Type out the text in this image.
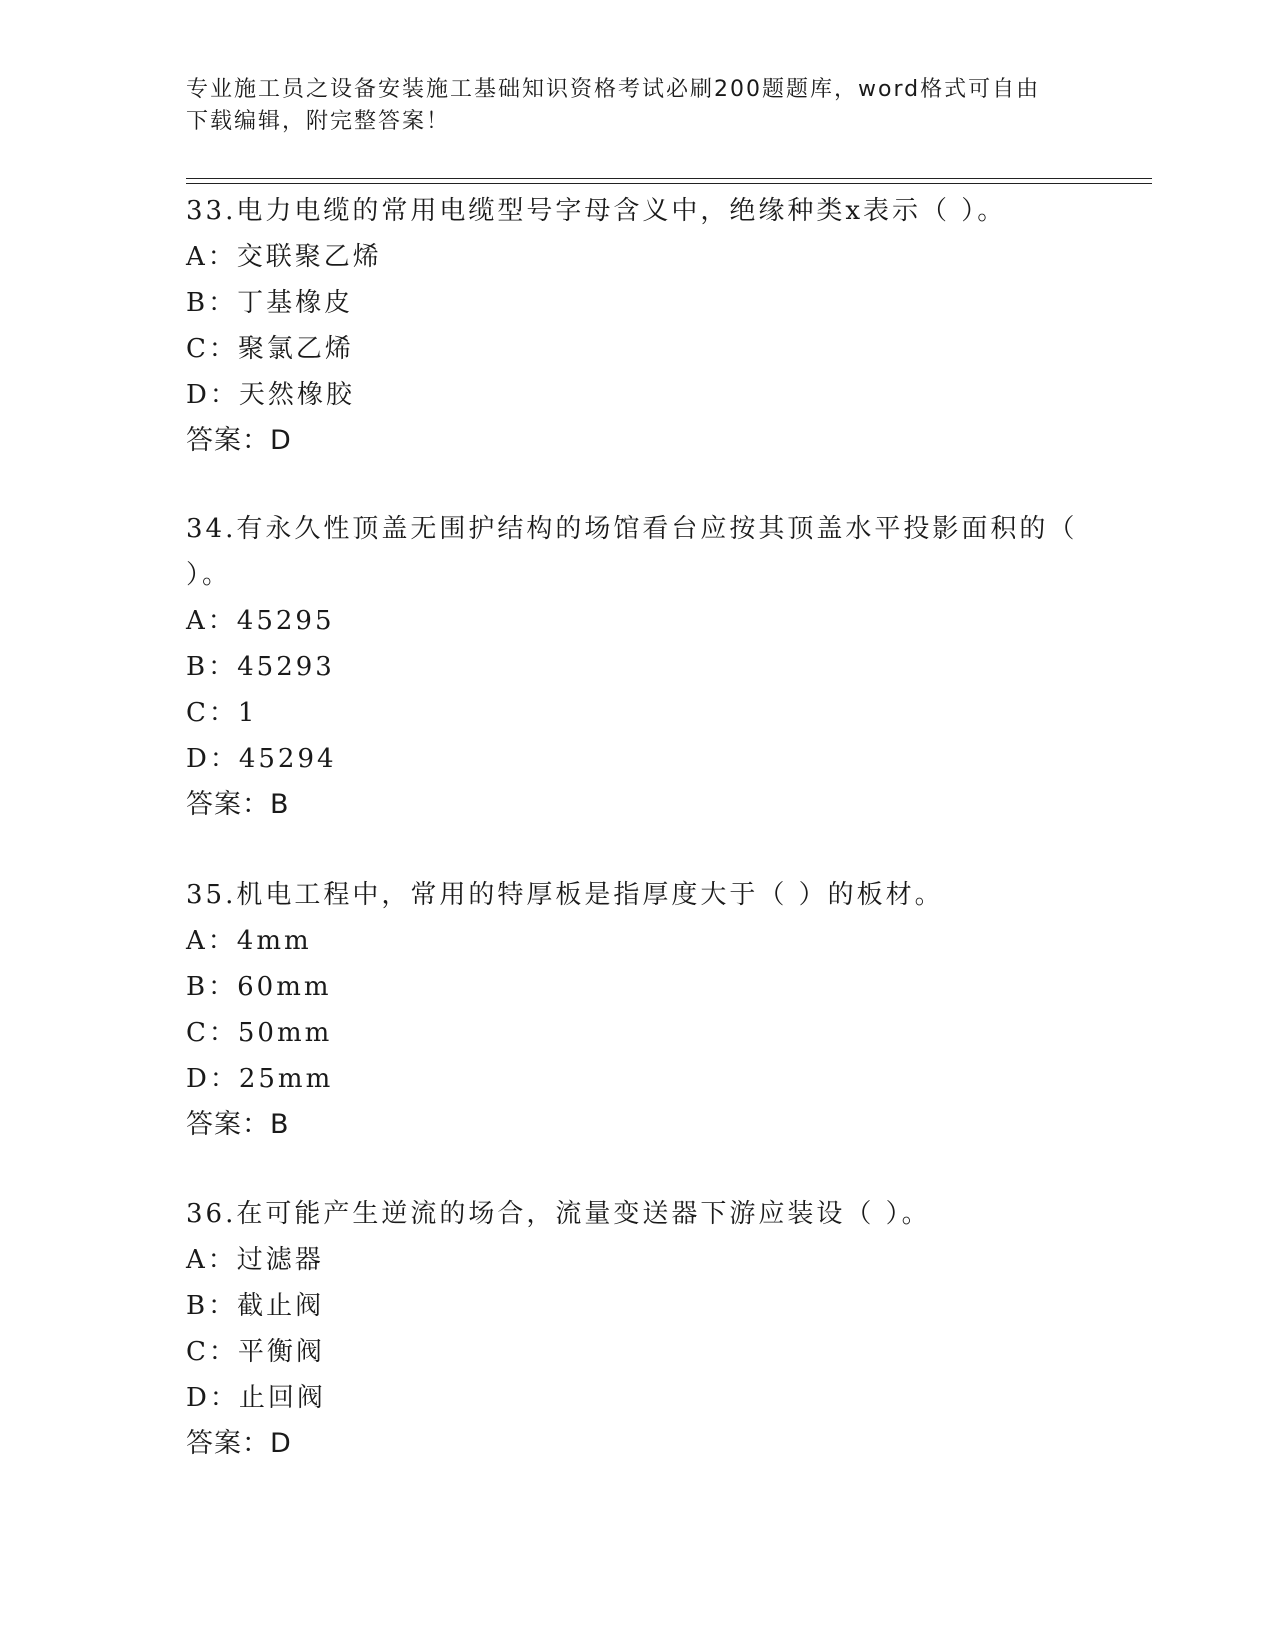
专业施工员之设备安装施工基础知识资格考试必刷200题题库，word格式可自由
下载编辑，附完整答案！
33.电力电缆的常用电缆型号字母含义中，绝缘种类x表示（ ）。
A：交联聚乙烯
B：丁基橡皮
C：聚氯乙烯
D：天然橡胶
答案：D
34.有永久性顶盖无围护结构的场馆看台应按其顶盖水平投影面积的（
）。
A：45295
B：45293
C：1
D：45294
答案：B
35.机电工程中，常用的特厚板是指厚度大于（ ）的板材。
A：4mm
B：60mm
C：50mm
D：25mm
答案：B
36.在可能产生逆流的场合，流量变送器下游应装设（ ）。
A：过滤器
B：截止阀
C：平衡阀
D：止回阀
答案：D
